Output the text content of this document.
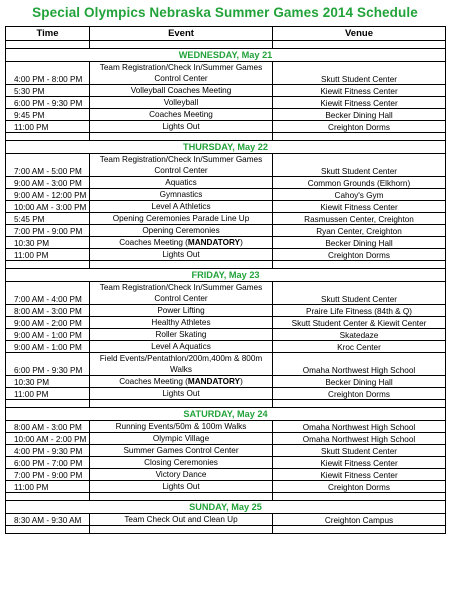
Special Olympics Nebraska Summer Games 2014 Schedule
Time	Event	Venue

WEDNESDAY, May 21		
4:00 PM - 8:00 PM	Team Registration/Check In/Summer Games Control Center	Skutt Student Center
5:30 PM	Volleyball Coaches Meeting	Kiewit Fitness Center
6:00 PM - 9:30 PM	Volleyball	Kiewit Fitness Center
9:45 PM	Coaches Meeting	Becker Dining Hall
11:00 PM	Lights Out	Creighton Dorms

THURSDAY, May 22		
7:00 AM - 5:00 PM	Team Registration/Check In/Summer Games Control Center	Skutt Student Center
9:00 AM - 3:00 PM	Aquatics	Common Grounds (Elkhorn)
9:00 AM - 12:00 PM	Gymnastics	Cahoy's Gym
10:00 AM - 3:00 PM	Level A Athletics	Kiewit Fitness Center
5:45 PM	Opening Ceremonies Parade Line Up	Rasmussen Center, Creighton
7:00 PM - 9:00 PM	Opening Ceremonies	Ryan Center, Creighton
10:30 PM	Coaches Meeting (MANDATORY)	Becker Dining Hall
11:00 PM	Lights Out	Creighton Dorms

FRIDAY, May 23		
7:00 AM - 4:00 PM	Team Registration/Check In/Summer Games Control Center	Skutt Student Center
8:00 AM - 3:00 PM	Power Lifting	Praire Life Fitness (84th & Q)
9:00 AM - 2:00 PM	Healthy Athletes	Skutt Student Center & Kiewit Center
9:00 AM - 1:00 PM	Roller Skating	Skatedaze
9:00 AM - 1:00 PM	Level A Aquatics	Kroc Center
6:00 PM - 9:30 PM	Field Events/Pentathlon/200m,400m & 800m Walks	Omaha Northwest High School
10:30 PM	Coaches Meeting (MANDATORY)	Becker Dining Hall
11:00 PM	Lights Out	Creighton Dorms

SATURDAY, May 24		
8:00 AM - 3:00 PM	Running Events/50m & 100m Walks	Omaha Northwest High School
10:00 AM - 2:00 PM	Olympic Village	Omaha Northwest High School
4:00 PM - 9:30 PM	Summer Games Control Center	Skutt Student Center
6:00 PM - 7:00 PM	Closing Ceremonies	Kiewit Fitness Center
7:00 PM - 9:00 PM	Victory Dance	Kiewit Fitness Center
11:00 PM	Lights Out	Creighton Dorms

SUNDAY, May 25		
8:30 AM - 9:30 AM	Team Check Out and Clean Up	Creighton Campus
